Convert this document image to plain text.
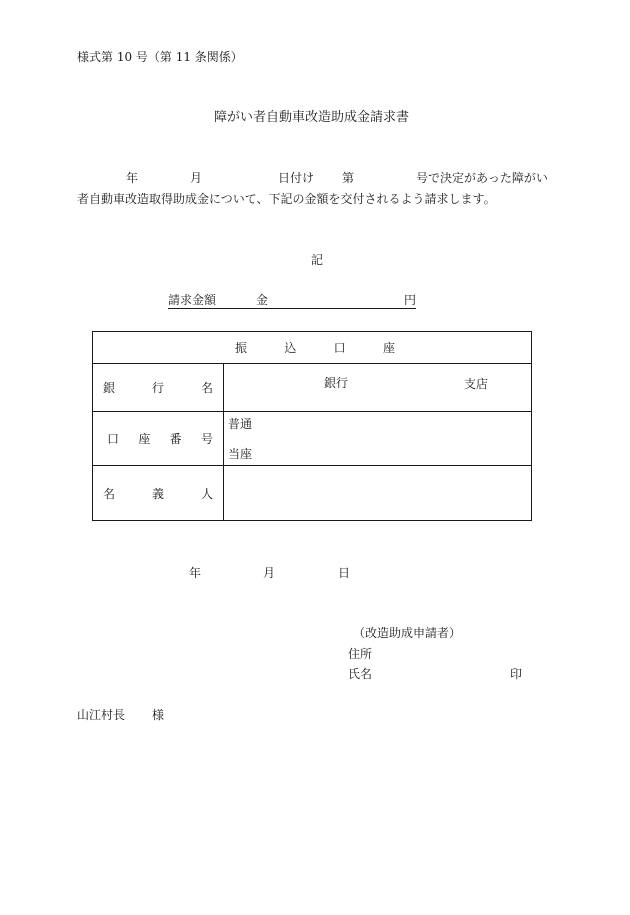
様式第 10 号（第 11 条関係）
障がい者自動車改造助成金請求書
年	月	日付け 第	号で決定があった障がい
者自動車改造取得助成金について、下記の金額を交付されるよう請求します。
記
請求金額	金	円
振 込 口 座	

銀 行 名	銀行 支店

口 座 番 号	普通
当座

名 義 人	

年	月	日
（改造助成申請者）
住所
氏名	印
山江村長 様
